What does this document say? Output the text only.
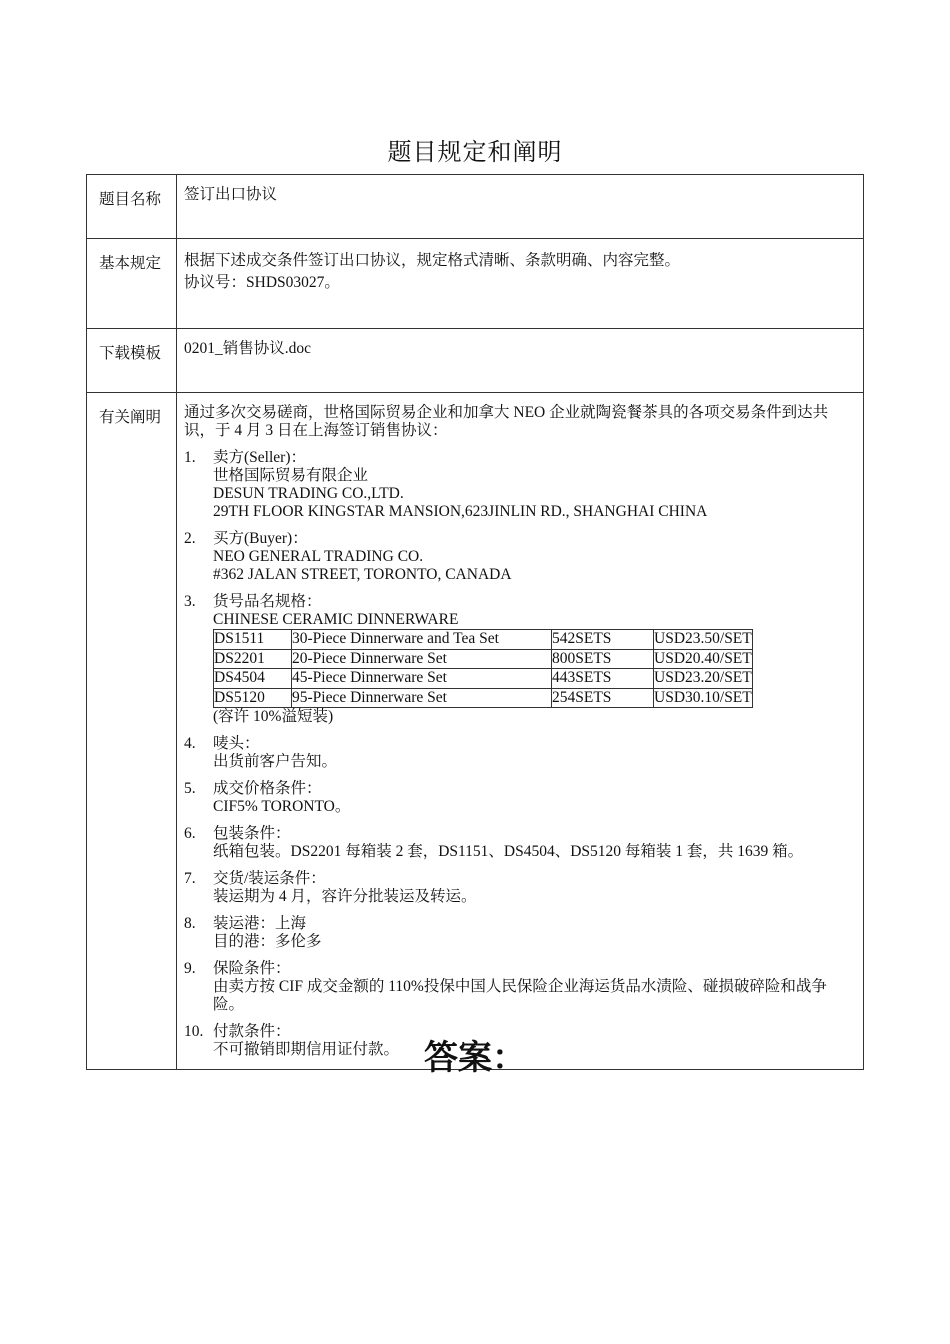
题目规定和阐明
题目名称	签订出口协议
基本规定	根据下述成交条件签订出口协议，规定格式清晰、条款明确、内容完整。
协议号：SHDS03027。

下载模板	0201_销售协议.doc
有关阐明	通过多次交易磋商，世格国际贸易企业和加拿大 NEO 企业就陶瓷餐茶具的各项交易条件到达共识，于 4 月 3 日在上海签订销售协议：
1.	卖方(Seller)：
世格国际贸易有限企业
DESUN TRADING CO.,LTD.
29TH FLOOR KINGSTAR MANSION,623JINLIN RD., SHANGHAI CHINA
2.	买方(Buyer)：
NEO GENERAL TRADING CO.
#362 JALAN STREET, TORONTO, CANADA
3.	货号品名规格：
CHINESE CERAMIC DINNERWARE
DS1511	30-Piece Dinnerware and Tea Set	542SETS	USD23.50/SET
DS2201	20-Piece Dinnerware Set	800SETS	USD20.40/SET
DS4504	45-Piece Dinnerware Set	443SETS	USD23.20/SET
DS5120	95-Piece Dinnerware Set	254SETS	USD30.10/SET
(容许 10%溢短装)
4.	唛头：
出货前客户告知。
5.	成交价格条件：
CIF5% TORONTO。
6.	包装条件：
纸箱包装。DS2201 每箱装 2 套，DS1151、DS4504、DS5120 每箱装 1 套，共 1639 箱。
7.	交货/装运条件：
装运期为 4 月，容许分批装运及转运。
8.	装运港：上海
目的港：多伦多
9.	保险条件：
由卖方按 CIF 成交金额的 110%投保中国人民保险企业海运货品水渍险、碰损破碎险和战争险。
10. 付款条件：
不可撤销即期信用证付款。 答案：
